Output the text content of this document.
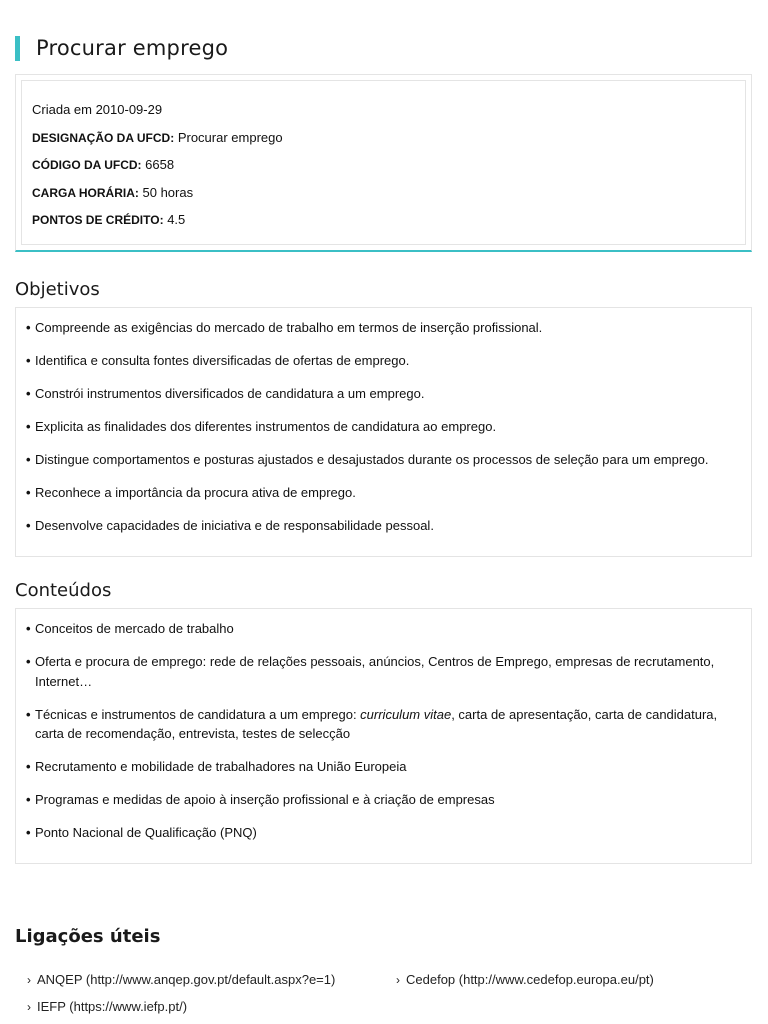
Procurar emprego
Criada em 2010-09-29
DESIGNAÇÃO DA UFCD: Procurar emprego
CÓDIGO DA UFCD: 6658
CARGA HORÁRIA: 50 horas
PONTOS DE CRÉDITO: 4.5
Objetivos
• Compreende as exigências do mercado de trabalho em termos de inserção profissional.
• Identifica e consulta fontes diversificadas de ofertas de emprego.
• Constrói instrumentos diversificados de candidatura a um emprego.
• Explicita as finalidades dos diferentes instrumentos de candidatura ao emprego.
• Distingue comportamentos e posturas ajustados e desajustados durante os processos de seleção para um emprego.
• Reconhece a importância da procura ativa de emprego.
• Desenvolve capacidades de iniciativa e de responsabilidade pessoal.
Conteúdos
• Conceitos de mercado de trabalho
• Oferta e procura de emprego: rede de relações pessoais, anúncios, Centros de Emprego, empresas de recrutamento, Internet…
• Técnicas e instrumentos de candidatura a um emprego: curriculum vitae, carta de apresentação, carta de candidatura, carta de recomendação, entrevista, testes de selecção
• Recrutamento e mobilidade de trabalhadores na União Europeia
• Programas e medidas de apoio à inserção profissional e à criação de empresas
• Ponto Nacional de Qualificação (PNQ)
Ligações úteis
› ANQEP (http://www.anqep.gov.pt/default.aspx?e=1)	› Cedefop (http://www.cedefop.europa.eu/pt)
› IEFP (https://www.iefp.pt/)
